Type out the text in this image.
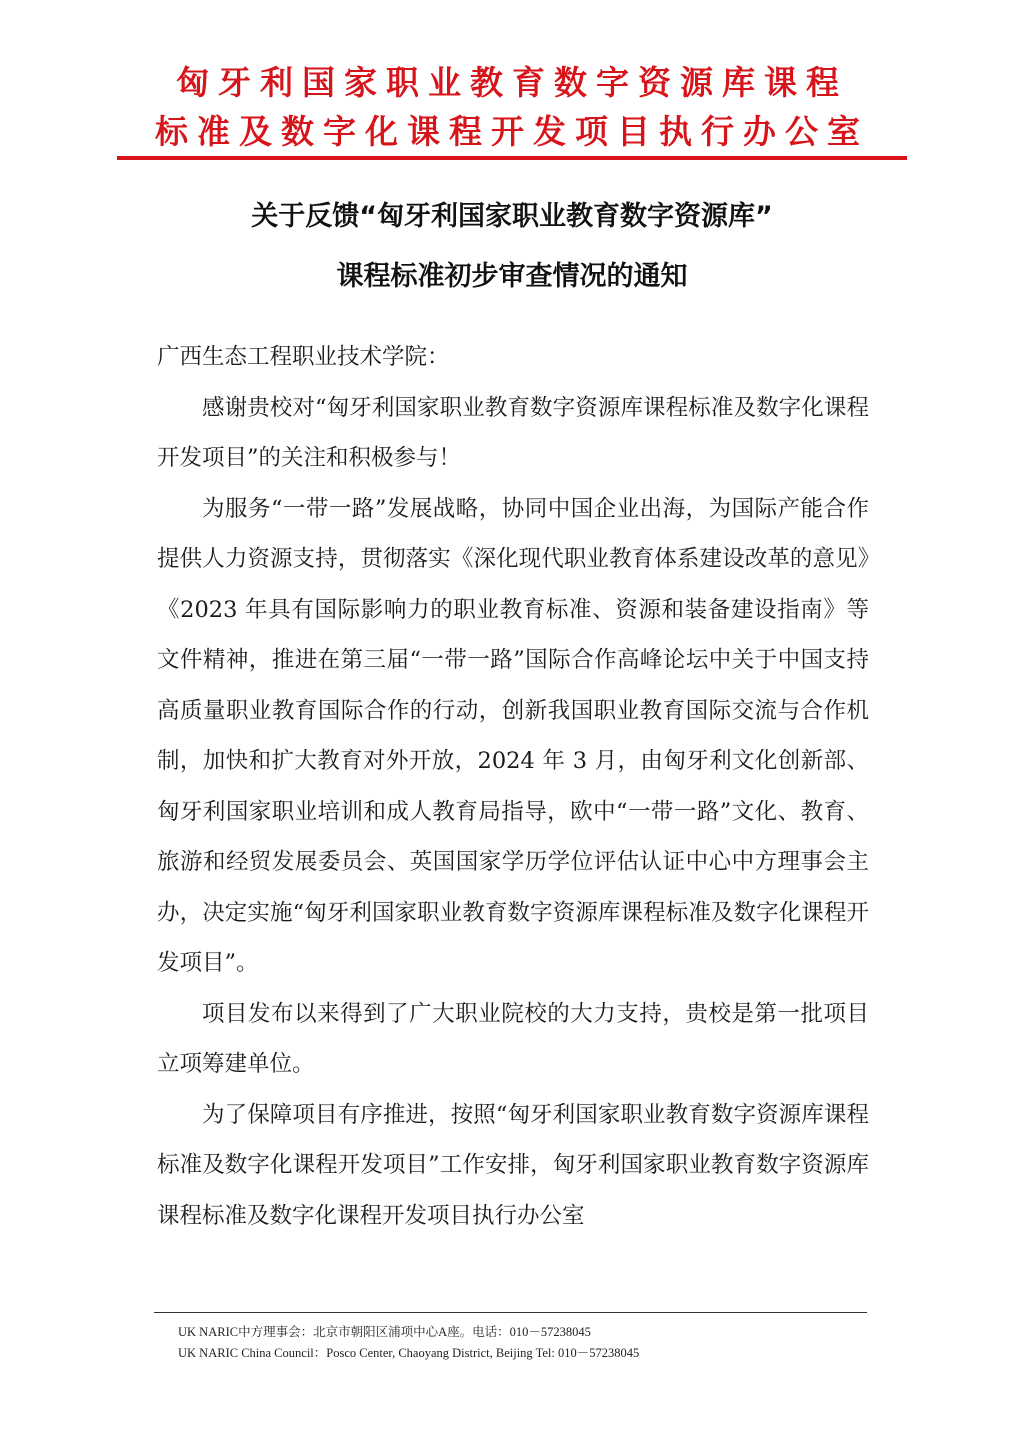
匈牙利国家职业教育数字资源库课程
标准及数字化课程开发项目执行办公室
关于反馈“匈牙利国家职业教育数字资源库”
课程标准初步审查情况的通知

广西生态工程职业技术学院：

感谢贵校对“匈牙利国家职业教育数字资源库课程标准及数字化课程开发项目”的关注和积极参与！

为服务“一带一路”发展战略，协同中国企业出海，为国际产能合作提供人力资源支持，贯彻落实《深化现代职业教育体系建设改革的意见》《2023 年具有国际影响力的职业教育标准、资源和装备建设指南》等文件精神，推进在第三届“一带一路”国际合作高峰论坛中关于中国支持高质量职业教育国际合作的行动，创新我国职业教育国际交流与合作机制，加快和扩大教育对外开放，2024 年 3 月，由匈牙利文化创新部、匈牙利国家职业培训和成人教育局指导，欧中“一带一路”文化、教育、旅游和经贸发展委员会、英国国家学历学位评估认证中心中方理事会主办，决定实施“匈牙利国家职业教育数字资源库课程标准及数字化课程开发项目”。

项目发布以来得到了广大职业院校的大力支持，贵校是第一批项目立项筹建单位。

为了保障项目有序推进，按照“匈牙利国家职业教育数字资源库课程标准及数字化课程开发项目”工作安排，匈牙利国家职业教育数字资源库课程标准及数字化课程开发项目执行办公室

UK NARIC中方理事会：北京市朝阳区浦项中心A座。电话：010－57238045
UK NARIC China Council：Posco Center, Chaoyang District, Beijing Tel: 010－57238045
